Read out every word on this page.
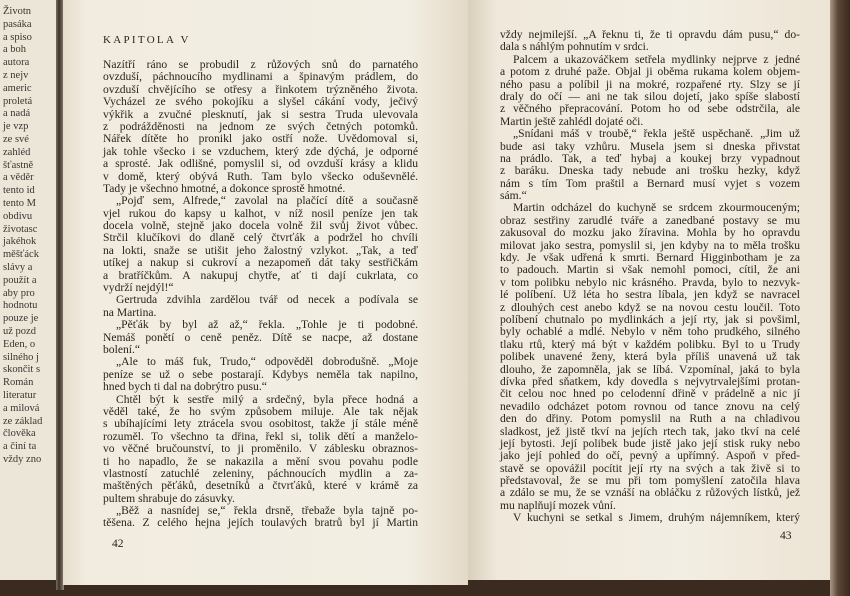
Životn
pasáka
a spiso
a boh
autora
z nejv
americ
proletá
a nadá
je vzp
ze své
zahléd
šťastně
a věděr
tento id
tento M
obdivu
životasc
jakéhok
měšťáck
slávy a
použít a
aby pro
hodnotu
pouze je
už pozd
Eden, o
silného j
skončit s
Román
literatur
a milová
ze základ
člověka
a činí ta
vždy zno
KAPITOLA V
Nazítří ráno se probudil z růžových snů do parnatého
ovzduší, páchnoucího mydlinami a špinavým prádlem, do
ovzduší chvějícího se otřesy a řinkotem trýzněného života.
Vycházel ze svého pokojíku a slyšel cákání vody, ječivý
výkřik a zvučné plesknutí, jak si sestra Truda ulevovala
z podrážděnosti na jednom ze svých četných potomků.
Nářek dítěte ho pronikl jako ostří nože. Uvědomoval si,
jak tohle všecko i se vzduchem, který zde dýchá, je odporné
a sprosté. Jak odlišné, pomyslil si, od ovzduší krásy a klidu
v domě, který obývá Ruth. Tam bylo všecko oduševnělé.
Tady je všechno hmotné, a dokonce sprostě hmotné.
„Pojď sem, Alfrede,“ zavolal na plačící dítě a současně
vjel rukou do kapsy u kalhot, v níž nosil peníze jen tak
docela volně, stejně jako docela volně žil svůj život vůbec.
Strčil klučíkovi do dlaně celý čtvrťák a podržel ho chvíli
na lokti, snaže se utišit jeho žalostný vzlykot. „Tak, a teď
utíkej a nakup si cukroví a nezapomeň dát taky sestřičkám
a bratříčkům. A nakupuj chytře, ať ti dají cukrlata, co
vydrží nejdýl!“
Gertruda zdvihla zardělou tvář od necek a podívala se
na Martina.
„Pěťák by byl až až,“ řekla. „Tohle je ti podobné.
Nemáš ponětí o ceně peněz. Dítě se nacpe, až dostane
bolení.“
„Ale to máš fuk, Trudo,“ odpověděl dobrodušně. „Moje
peníze se už o sebe postarají. Kdybys neměla tak napilno,
hned bych ti dal na dobrýtro pusu.“
Chtěl být k sestře milý a srdečný, byla přece hodná a
věděl také, že ho svým způsobem miluje. Ale tak nějak
s ubíhajícími lety ztrácela svou osobitost, takže jí stále méně
rozuměl. To všechno ta dřina, řekl si, tolik dětí a manželo-
vo věčné bručounství, to ji proměnilo. V záblesku obraznos-
ti ho napadlo, že se nakazila a mění svou povahu podle
vlastností zatuchlé zeleniny, páchnoucích mydlin a za-
maštěných pěťáků, desetníků a čtvrťáků, které v krámě za
pultem shrabuje do zásuvky.
„Běž a nasnídej se,“ řekla drsně, třebaže byla tajně po-
těšena. Z celého hejna jejích toulavých bratrů byl jí Martin
42
vždy nejmilejší. „A řeknu ti, že ti opravdu dám pusu,“ do-
dala s náhlým pohnutím v srdci.
Palcem a ukazováčkem setřela mydlinky nejprve z jedné
a potom z druhé paže. Objal ji oběma rukama kolem objem-
ného pasu a políbil ji na mokré, rozpařené rty. Slzy se jí
draly do očí — ani ne tak silou dojetí, jako spíše slabostí
z věčného přepracování. Potom ho od sebe odstrčila, ale
Martin ještě zahlédl dojaté oči.
„Snídani máš v troubě,“ řekla ještě uspěchaně. „Jim už
bude asi taky vzhůru. Musela jsem si dneska přivstat
na prádlo. Tak, a teď hybaj a koukej brzy vypadnout
z baráku. Dneska tady nebude ani trošku hezky, když
nám s tím Tom praštil a Bernard musí vyjet s vozem
sám.“
Martin odcházel do kuchyně se srdcem zkourmouceným;
obraz sestřiny zarudlé tváře a zanedbané postavy se mu
zakusoval do mozku jako žíravina. Mohla by ho opravdu
milovat jako sestra, pomyslil si, jen kdyby na to měla trošku
kdy. Je však udřená k smrti. Bernard Higginbotham je za
to padouch. Martin si však nemohl pomoci, cítil, že ani
v tom polibku nebylo nic krásného. Pravda, bylo to nezvyk-
lé políbení. Už léta ho sestra líbala, jen když se navracel
z dlouhých cest anebo když se na novou cestu loučil. Toto
políbení chutnalo po mydlinkách a její rty, jak si povšiml,
byly ochablé a mdlé. Nebylo v něm toho prudkého, silného
tlaku rtů, který má být v každém polibku. Byl to u Trudy
polibek unavené ženy, která byla příliš unavená už tak
dlouho, že zapomněla, jak se líbá. Vzpomínal, jaká to byla
dívka před sňatkem, kdy dovedla s nejvytrvalejšími protan-
čit celou noc hned po celodenní dřině v prádelně a nic jí
nevadilo odcházet potom rovnou od tance znovu na celý
den do dřiny. Potom pomyslil na Ruth a na chladivou
sladkost, jež jistě tkví na jejích rtech tak, jako tkví na celé
její bytosti. Její polibek bude jistě jako její stisk ruky nebo
jako její pohled do očí, pevný a upřímný. Aspoň v před-
stavě se opovážil pocítit její rty na svých a tak živě si to
představoval, že se mu při tom pomyšlení zatočila hlava
a zdálo se mu, že se vznáší na obláčku z růžových lístků, jež
mu naplňují mozek vůní.
V kuchyni se setkal s Jimem, druhým nájemníkem, který
43
